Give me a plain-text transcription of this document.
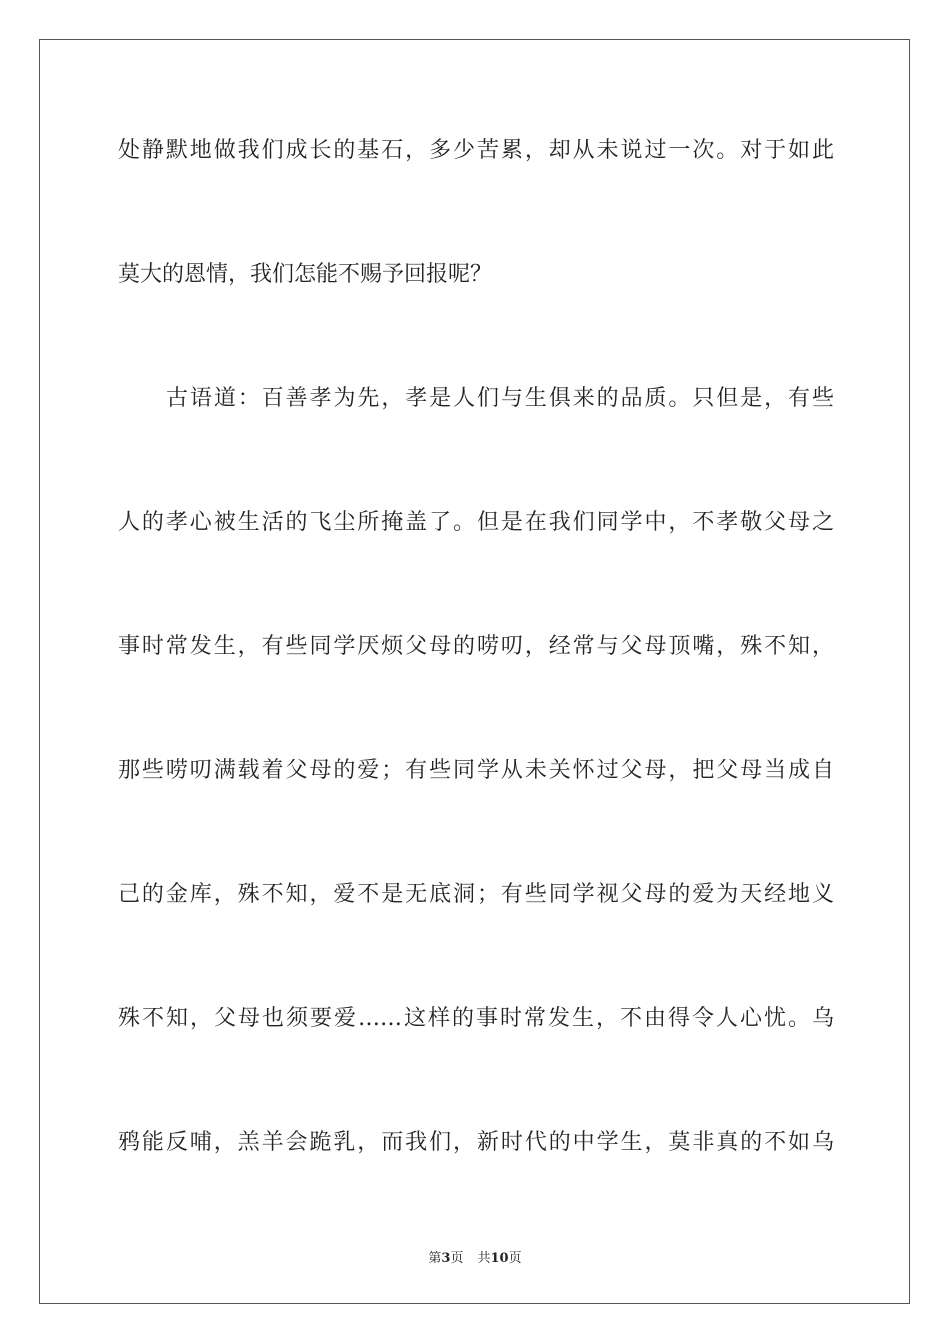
处静默地做我们成长的基石，多少苦累，却从未说过一次。对于如此
莫大的恩情，我们怎能不赐予回报呢？
古语道：百善孝为先，孝是人们与生俱来的品质。只但是，有些
人的孝心被生活的飞尘所掩盖了。但是在我们同学中，不孝敬父母之
事时常发生，有些同学厌烦父母的唠叨，经常与父母顶嘴，殊不知，
那些唠叨满载着父母的爱；有些同学从未关怀过父母，把父母当成自
己的金库，殊不知，爱不是无底洞；有些同学视父母的爱为天经地义
殊不知，父母也须要爱……这样的事时常发生，不由得令人心忧。乌
鸦能反哺，羔羊会跪乳，而我们，新时代的中学生，莫非真的不如乌
第3页 共10页
